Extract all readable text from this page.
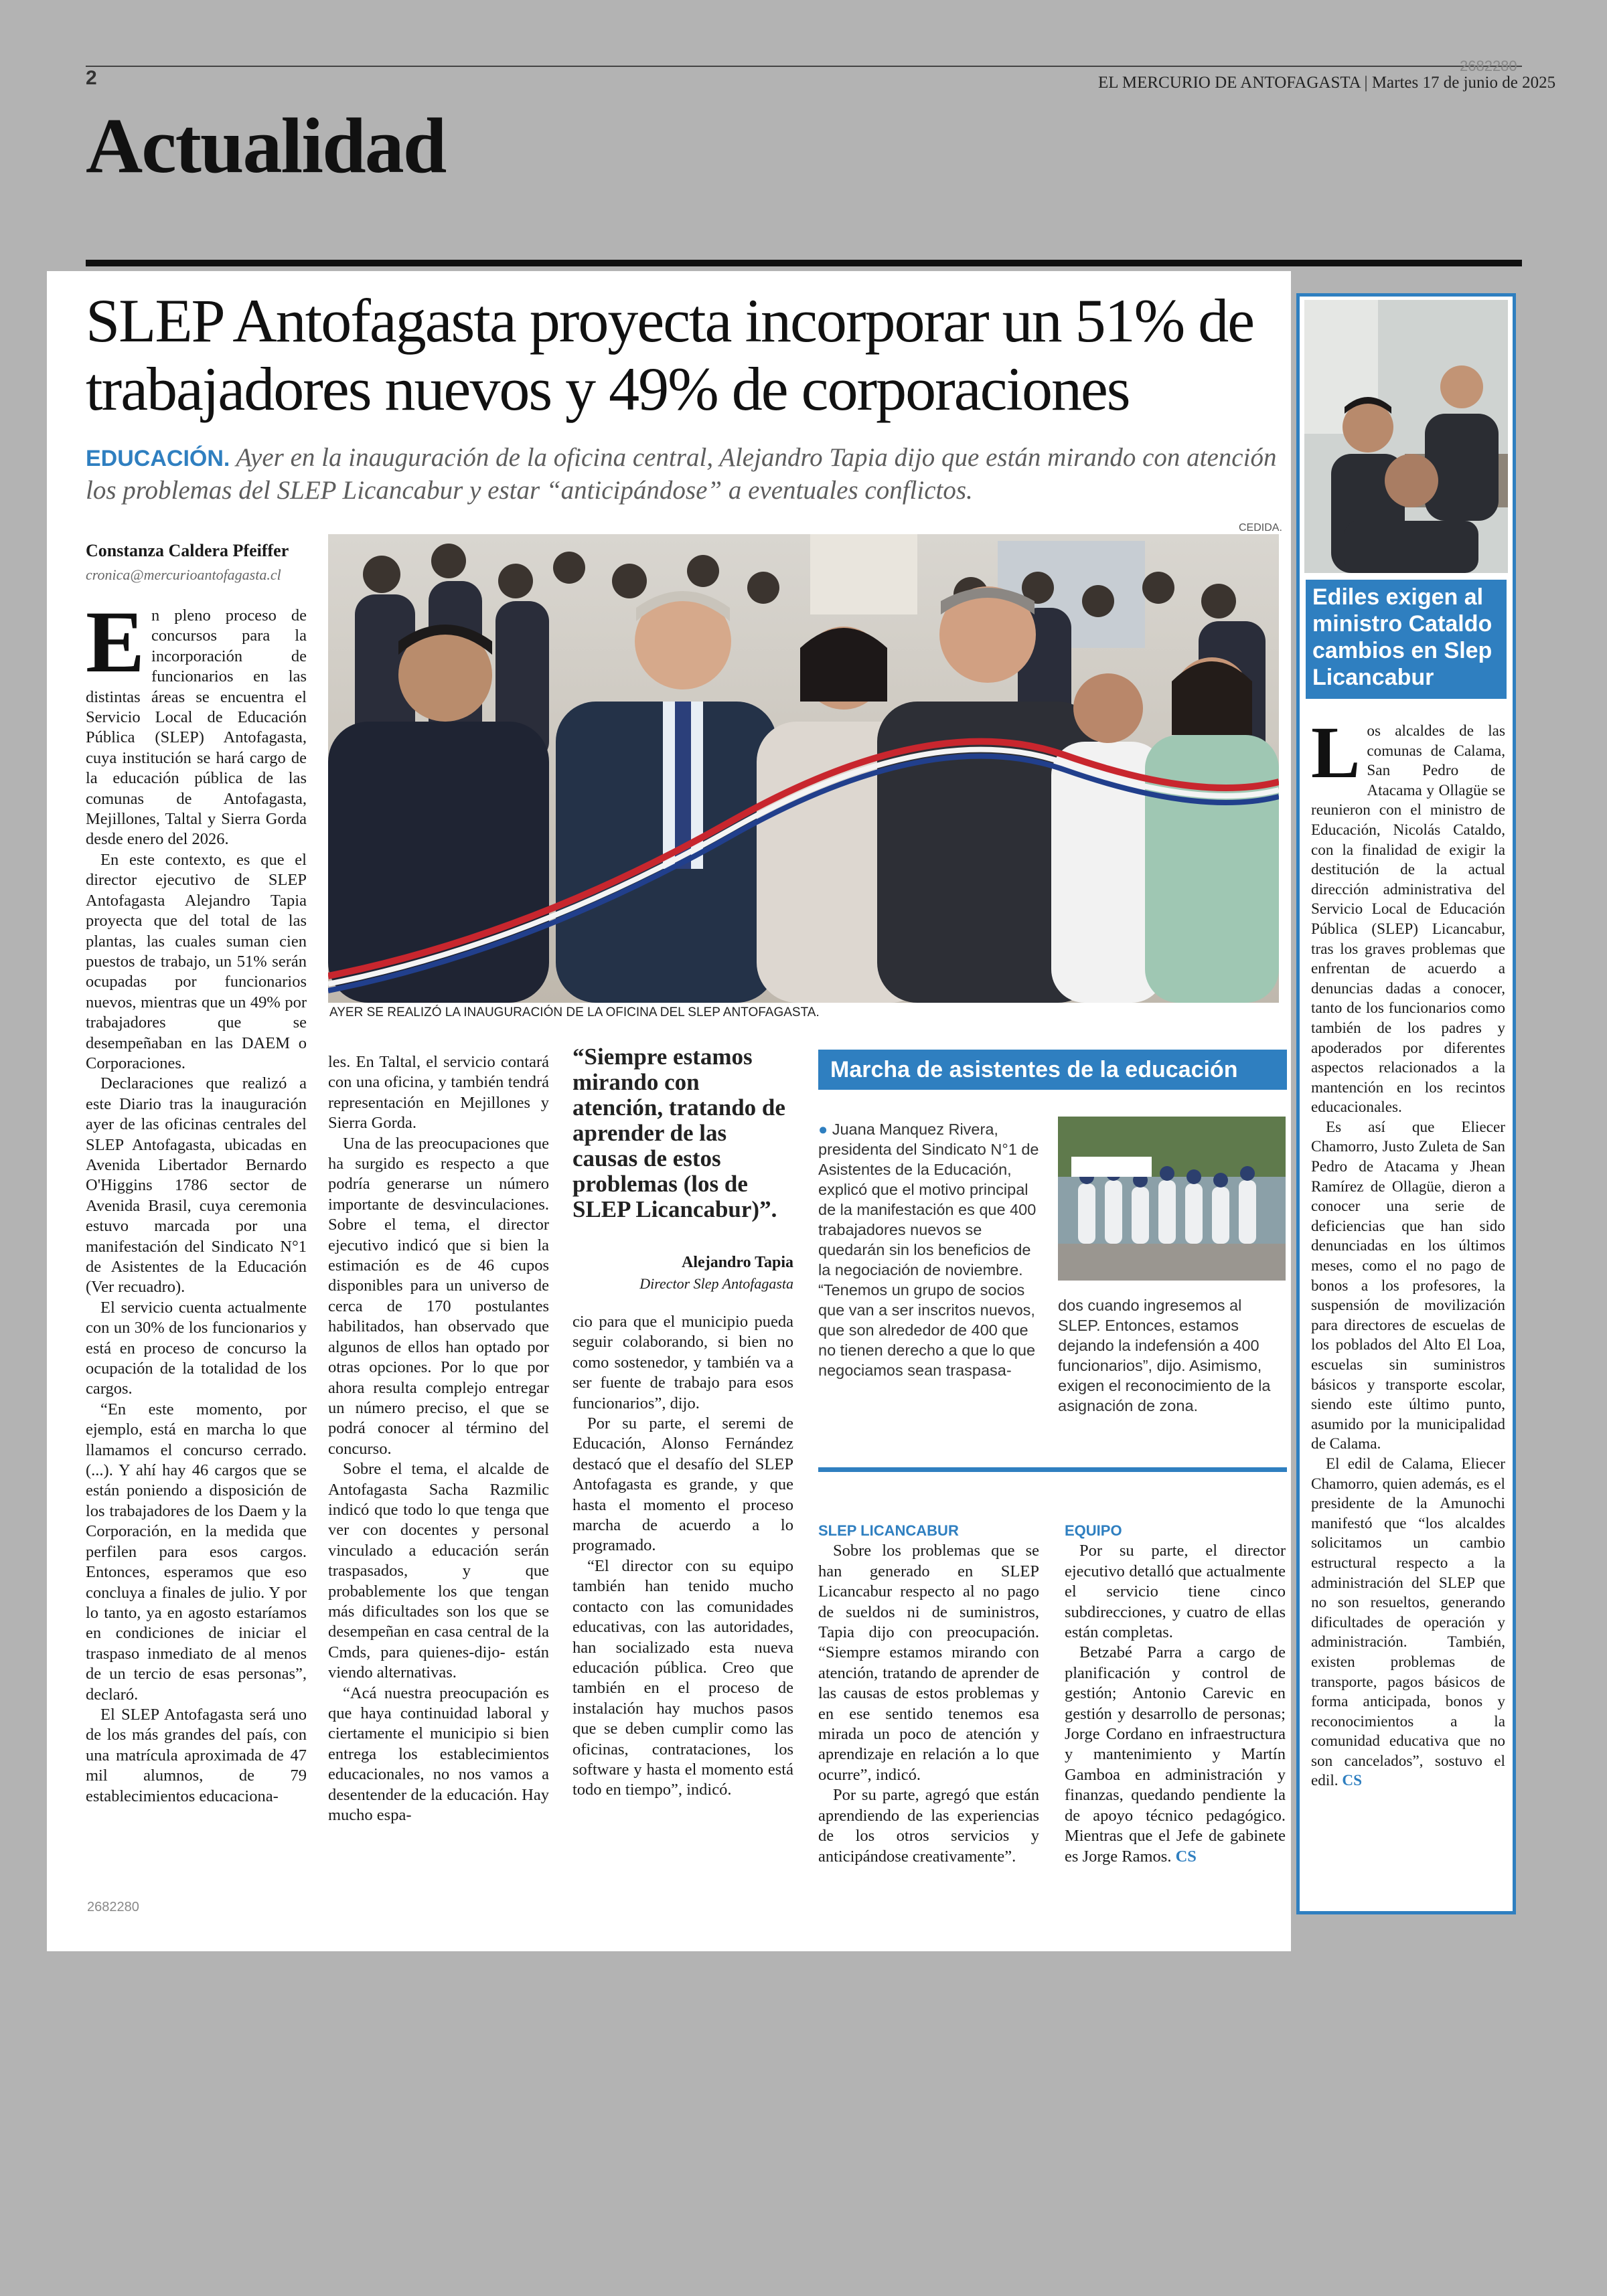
2
2682280
EL MERCURIO DE ANTOFAGASTA | Martes 17 de junio de 2025
Actualidad
SLEP Antofagasta proyecta incorporar un 51% de trabajadores nuevos y 49% de corporaciones
EDUCACIÓN. Ayer en la inauguración de la oficina central, Alejandro Tapia dijo que están mirando con atención los problemas del SLEP Licancabur y estar “anticipándose” a eventuales conflictos.
Constanza Caldera Pfeiffer
cronica@mercurioantofagasta.cl
CEDIDA.
AYER SE REALIZÓ LA INAUGURACIÓN DE LA OFICINA DEL SLEP ANTOFAGASTA.

En pleno proceso de concursos para la incorporación de funcionarios en las distintas áreas se encuentra el Servicio Local de Educación Pública (SLEP) Antofagasta, cuya institución se hará cargo de la educación pública de las comunas de Antofagasta, Mejillones, Taltal y Sierra Gorda desde enero del 2026.

En este contexto, es que el director ejecutivo de SLEP Antofagasta Alejandro Tapia proyecta que del total de las plantas, las cuales suman cien puestos de trabajo, un 51% serán ocupadas por funcionarios nuevos, mientras que un 49% por trabajadores que se desempeñaban en las DAEM o Corporaciones.

Declaraciones que realizó a este Diario tras la inauguración ayer de las oficinas centrales del SLEP Antofagasta, ubicadas en Avenida Libertador Bernardo O'Higgins 1786 sector de Avenida Brasil, cuya ceremonia estuvo marcada por una manifestación del Sindicato N°1 de Asistentes de la Educación (Ver recuadro).

El servicio cuenta actualmente con un 30% de los funcionarios y está en proceso de concurso la ocupación de la totalidad de los cargos.

“En este momento, por ejemplo, está en marcha lo que llamamos el concurso cerrado. (...). Y ahí hay 46 cargos que se están poniendo a disposición de los trabajadores de los Daem y la Corporación, en la medida que perfilen para esos cargos. Entonces, esperamos que eso concluya a finales de julio. Y por lo tanto, ya en agosto estaríamos en condiciones de iniciar el traspaso inmediato de al menos de un tercio de esas personas”, declaró.

El SLEP Antofagasta será uno de los más grandes del país, con una matrícula aproximada de 47 mil alumnos, de 79 establecimientos educaciona-

les. En Taltal, el servicio contará con una oficina, y también tendrá representación en Mejillones y Sierra Gorda.

Una de las preocupaciones que ha surgido es respecto a que podría generarse un número importante de desvinculaciones. Sobre el tema, el director ejecutivo indicó que si bien la estimación es de 46 cupos disponibles para un universo de cerca de 170 postulantes habilitados, han observado que algunos de ellos han optado por otras opciones. Por lo que por ahora resulta complejo entregar un número preciso, el que se podrá conocer al término del concurso.

Sobre el tema, el alcalde de Antofagasta Sacha Razmilic indicó que todo lo que tenga que ver con docentes y personal vinculado a educación serán traspasados, y que probablemente los que tengan más dificultades son los que se desempeñan en casa central de la Cmds, para quienes-dijo- están viendo alternativas.

“Acá nuestra preocupación es que haya continuidad laboral y ciertamente el municipio si bien entrega los establecimientos educacionales, no nos vamos a desentender de la educación. Hay mucho espa-

“Siempre estamos mirando con atención, tratando de aprender de las causas de estos problemas (los de SLEP Licancabur)”.
Alejandro Tapia
Director Slep Antofagasta

cio para que el municipio pueda seguir colaborando, si bien no como sostenedor, y también va a ser fuente de trabajo para esos funcionarios”, dijo.

Por su parte, el seremi de Educación, Alonso Fernández destacó que el desafío del SLEP Antofagasta es grande, y que hasta el momento el proceso marcha de acuerdo a lo programado.

“El director con su equipo también han tenido mucho contacto con las comunidades educativas, con las autoridades, han socializado esta nueva educación pública. Creo que también en el proceso de instalación hay muchos pasos que se deben cumplir como las oficinas, contrataciones, los software y hasta el momento está todo en tiempo”, indicó.

Marcha de asistentes de la educación
● Juana Manquez Rivera, presidenta del Sindicato N°1 de Asistentes de la Educación, explicó que el motivo principal de la manifestación es que 400 trabajadores nuevos se quedarán sin los beneficios de la negociación de noviembre. “Tenemos un grupo de socios que van a ser inscritos nuevos, que son alrededor de 400 que no tienen derecho a que lo que negociamos sean traspasa-
dos cuando ingresemos al SLEP. Entonces, estamos dejando la indefensión a 400 funcionarios”, dijo. Asimismo, exigen el reconocimiento de la asignación de zona.
SLEP LICANCABUR

Sobre los problemas que se han generado en SLEP Licancabur respecto al no pago de sueldos ni de suministros, Tapia dijo con preocupación. “Siempre estamos mirando con atención, tratando de aprender de las causas de estos problemas y en ese sentido tenemos esa mirada un poco de atención y aprendizaje en relación a lo que ocurre”, indicó.

Por su parte, agregó que están aprendiendo de las experiencias de los otros servicios y anticipándose creativamente”.

EQUIPO

Por su parte, el director ejecutivo detalló que actualmente el servicio tiene cinco subdirecciones, y cuatro de ellas están completas.

Betzabé Parra a cargo de planificación y control de gestión; Antonio Carevic en gestión y desarrollo de personas; Jorge Cordano en infraestructura y mantenimiento y Martín Gamboa en administración y finanzas, quedando pendiente la de apoyo técnico pedagógico. Mientras que el Jefe de gabinete es Jorge Ramos. CS

2682280
Ediles exigen al ministro Cataldo cambios en Slep Licancabur

Los alcaldes de las comunas de Calama, San Pedro de Atacama y Ollagüe se reunieron con el ministro de Educación, Nicolás Cataldo, con la finalidad de exigir la destitución de la actual dirección administrativa del Servicio Local de Educación Pública (SLEP) Licancabur, tras los graves problemas que enfrentan de acuerdo a denuncias dadas a conocer, tanto de los funcionarios como también de los padres y apoderados por diferentes aspectos relacionados a la mantención en los recintos educacionales.

Es así que Eliecer Chamorro, Justo Zuleta de San Pedro de Atacama y Jhean Ramírez de Ollagüe, dieron a conocer una serie de deficiencias que han sido denunciadas en los últimos meses, como el no pago de bonos a los profesores, la suspensión de movilización para directores de escuelas de los poblados del Alto El Loa, escuelas sin suministros básicos y transporte escolar, siendo este último punto, asumido por la municipalidad de Calama.

El edil de Calama, Eliecer Chamorro, quien además, es el presidente de la Amunochi manifestó que “los alcaldes solicitamos un cambio estructural respecto a la administración del SLEP que no son resueltos, generando dificultades de operación y administración. También, existen problemas de transporte, pagos básicos de forma anticipada, bonos y reconocimientos a la comunidad educativa que no son cancelados”, sostuvo el edil. CS
